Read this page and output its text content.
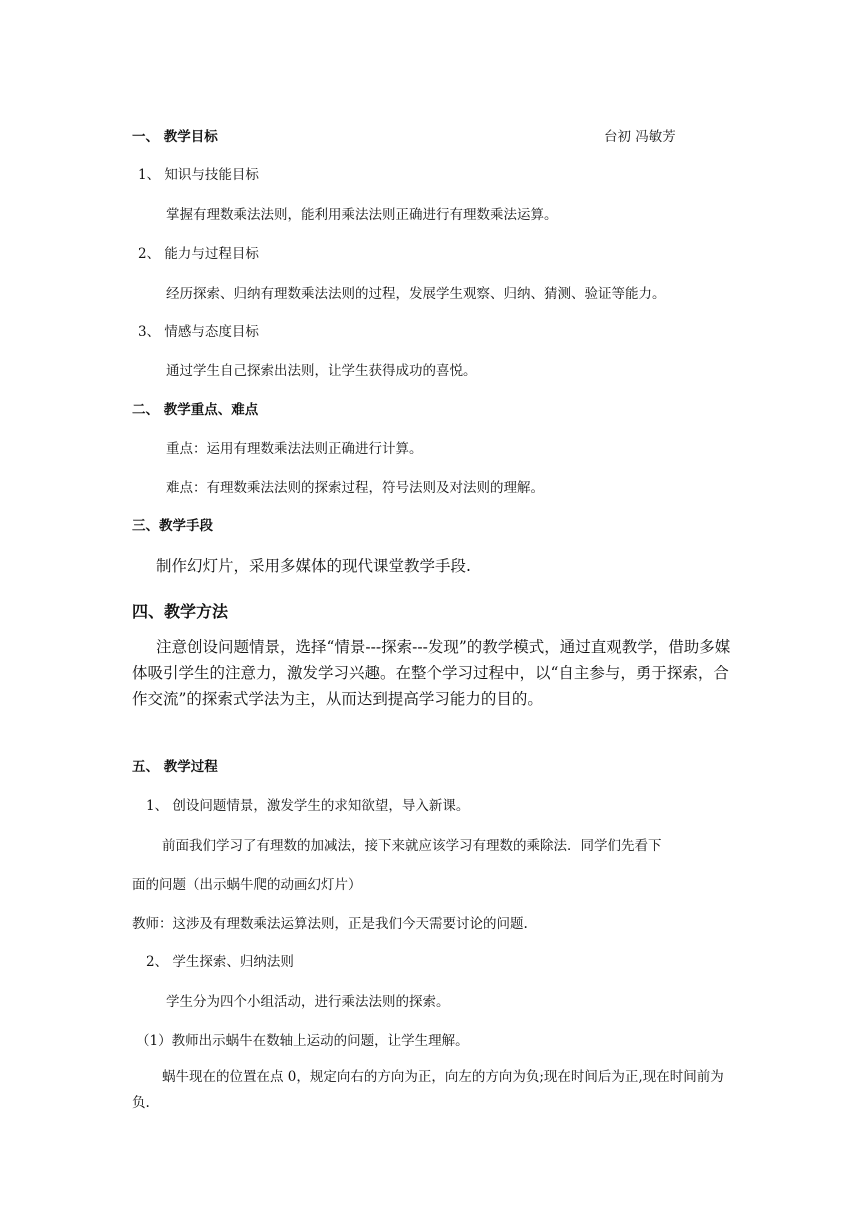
一、 教学目标	台初 冯敏芳
1、 知识与技能目标
掌握有理数乘法法则，能利用乘法法则正确进行有理数乘法运算。
2、 能力与过程目标
经历探索、归纳有理数乘法法则的过程，发展学生观察、归纳、猜测、验证等能力。
3、 情感与态度目标
通过学生自己探索出法则，让学生获得成功的喜悦。
二、 教学重点、难点
重点：运用有理数乘法法则正确进行计算。
难点：有理数乘法法则的探索过程，符号法则及对法则的理解。
三、教学手段
制作幻灯片，采用多媒体的现代课堂教学手段.
四、教学方法
注意创设问题情景，选择“情景---探索---发现”的教学模式，通过直观教学，借助多媒体吸引学生的注意力，激发学习兴趣。在整个学习过程中，以“自主参与，勇于探索，合作交流”的探索式学法为主，从而达到提高学习能力的目的。
五、 教学过程
1、 创设问题情景，激发学生的求知欲望，导入新课。
前面我们学习了有理数的加减法，接下来就应该学习有理数的乘除法．同学们先看下
面的问题（出示蜗牛爬的动画幻灯片）
教师：这涉及有理数乘法运算法则，正是我们今天需要讨论的问题.
2、 学生探索、归纳法则
学生分为四个小组活动，进行乘法法则的探索。
（1）教师出示蜗牛在数轴上运动的问题，让学生理解。
蜗牛现在的位置在点 0，规定向右的方向为正，向左的方向为负;现在时间后为正,现在时间前为负.
